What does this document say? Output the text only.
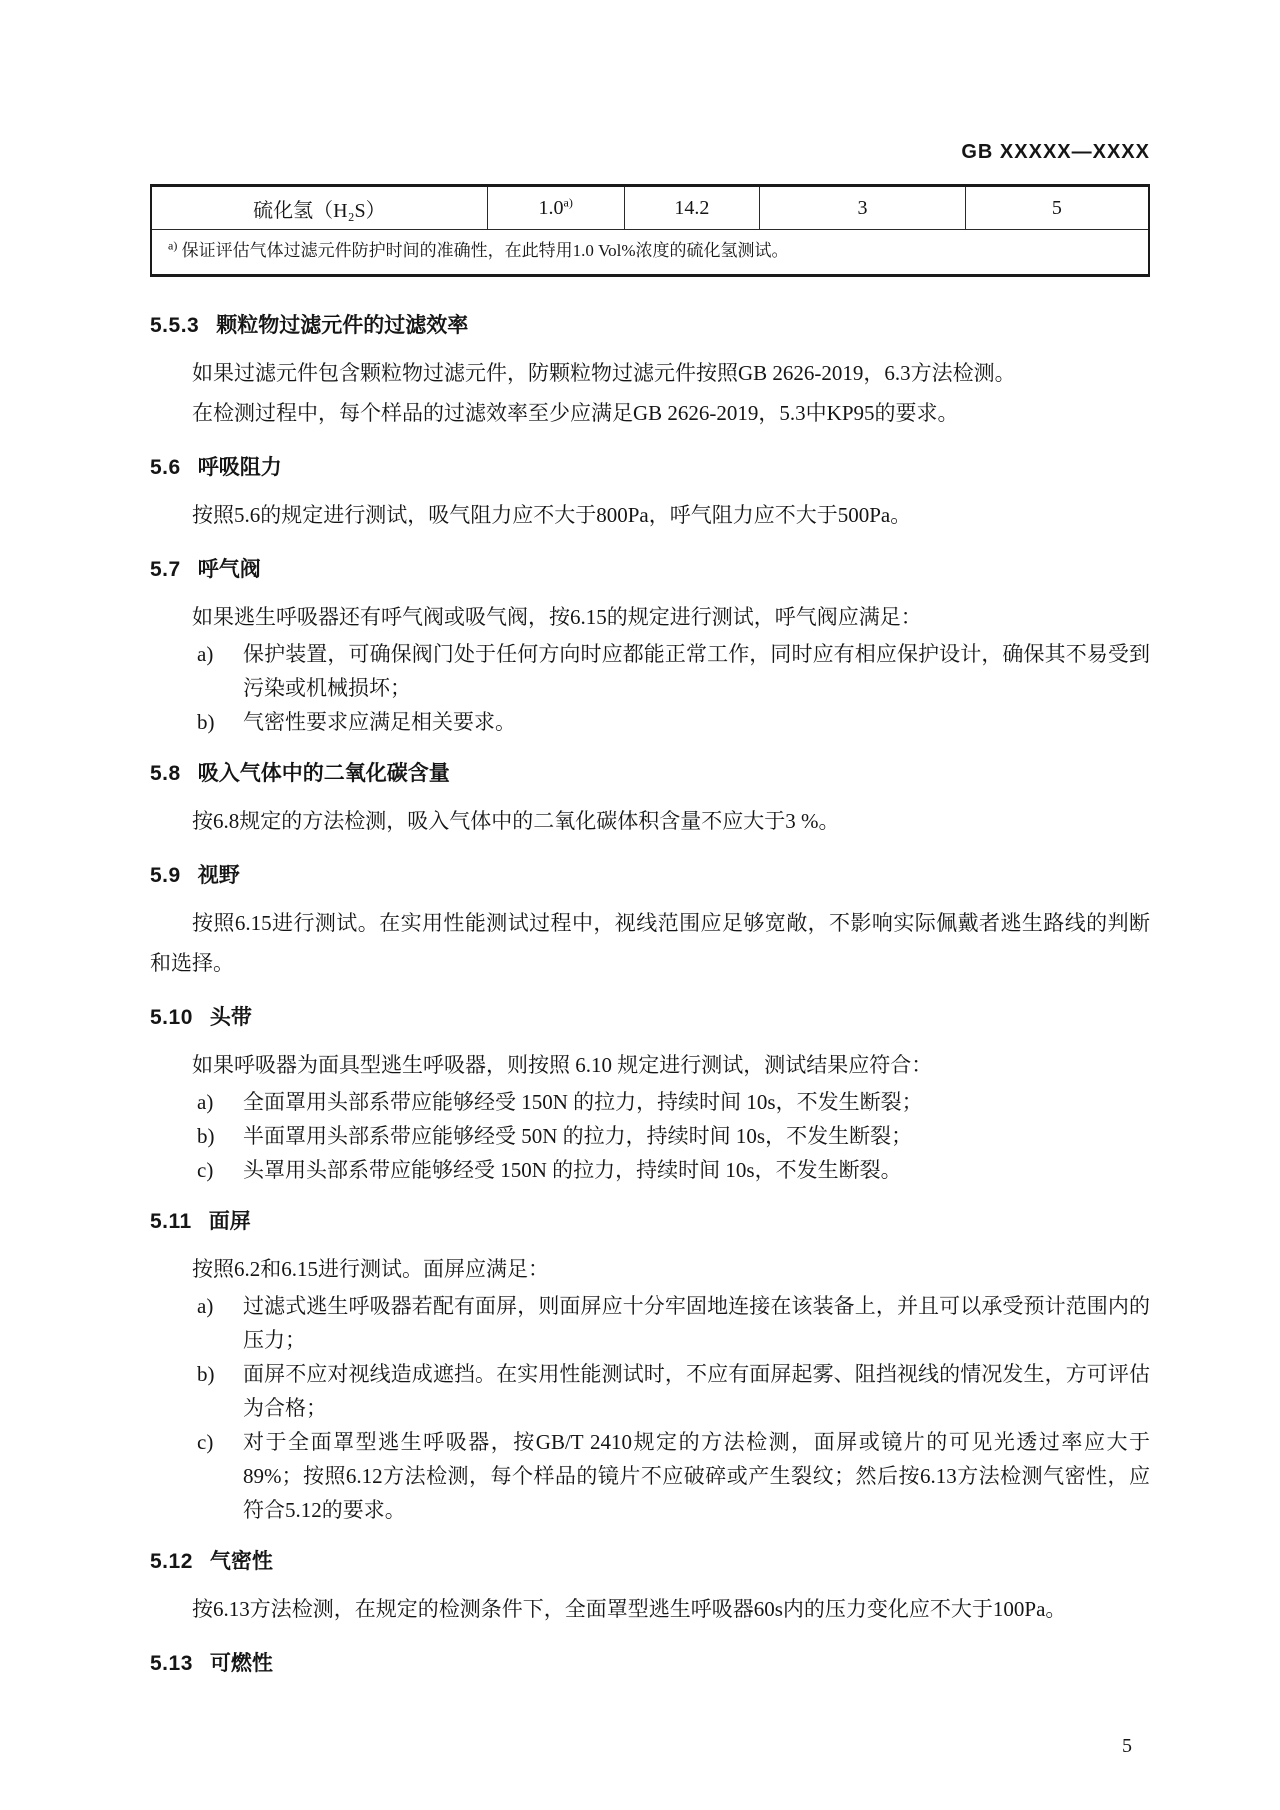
GB XXXXX—XXXX
硫化氢（H₂S）	1.0$^{a)}$	14.2	3	5
$^{a)}$ 保证评估气体过滤元件防护时间的准确性，在此特用1.0 Vol%浓度的硫化氢测试。
5.5.3 颗粒物过滤元件的过滤效率

如果过滤元件包含颗粒物过滤元件，防颗粒物过滤元件按照GB 2626-2019，6.3方法检测。

在检测过程中，每个样品的过滤效率至少应满足GB 2626-2019，5.3中KP95的要求。

5.6 呼吸阻力

按照5.6的规定进行测试，吸气阻力应不大于800Pa，呼气阻力应不大于500Pa。

5.7 呼气阀

如果逃生呼吸器还有呼气阀或吸气阀，按6.15的规定进行测试，呼气阀应满足：

a) 保护装置，可确保阀门处于任何方向时应都能正常工作，同时应有相应保护设计，确保其不易受到污染或机械损坏；
b) 气密性要求应满足相关要求。
5.8 吸入气体中的二氧化碳含量

按6.8规定的方法检测，吸入气体中的二氧化碳体积含量不应大于3 %。

5.9 视野

按照6.15进行测试。在实用性能测试过程中，视线范围应足够宽敞，不影响实际佩戴者逃生路线的判断和选择。

5.10 头带

如果呼吸器为面具型逃生呼吸器，则按照 6.10 规定进行测试，测试结果应符合：

a) 全面罩用头部系带应能够经受 150N 的拉力，持续时间 10s，不发生断裂；
b) 半面罩用头部系带应能够经受 50N 的拉力，持续时间 10s，不发生断裂；
c) 头罩用头部系带应能够经受 150N 的拉力，持续时间 10s，不发生断裂。
5.11 面屏

按照6.2和6.15进行测试。面屏应满足：

a) 过滤式逃生呼吸器若配有面屏，则面屏应十分牢固地连接在该装备上，并且可以承受预计范围内的压力；
b) 面屏不应对视线造成遮挡。在实用性能测试时，不应有面屏起雾、阻挡视线的情况发生，方可评估为合格；
c) 对于全面罩型逃生呼吸器，按GB/T 2410规定的方法检测，面屏或镜片的可见光透过率应大于89%；按照6.12方法检测，每个样品的镜片不应破碎或产生裂纹；然后按6.13方法检测气密性，应符合5.12的要求。
5.12 气密性

按6.13方法检测，在规定的检测条件下，全面罩型逃生呼吸器60s内的压力变化应不大于100Pa。

5.13 可燃性
5
